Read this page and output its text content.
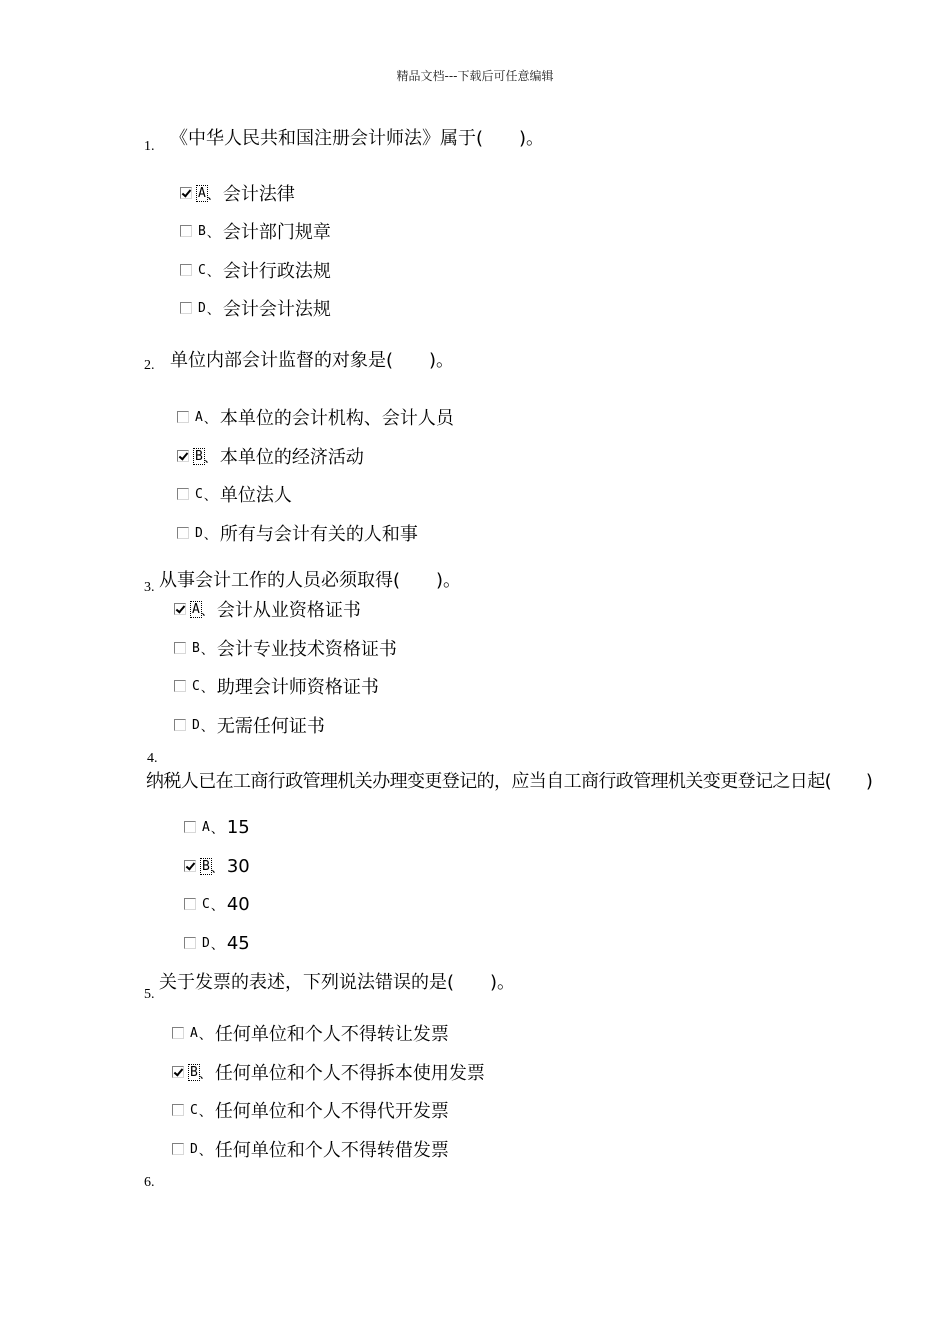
精品文档---下载后可任意编辑
1. 《中华人民共和国注册会计师法》属于(　　)。
A 、 会计法律
B 、 会计部门规章
C 、 会计行政法规
D 、 会计会计法规
2. 单位内部会计监督的对象是(　　)。
A 、 本单位的会计机构、会计人员
B 、 本单位的经济活动
C 、 单位法人
D 、 所有与会计有关的人和事
3. 从事会计工作的人员必须取得(　　)。
A 、 会计从业资格证书
B 、 会计专业技术资格证书
C 、 助理会计师资格证书
D 、 无需任何证书
4.
纳税人已在工商行政管理机关办理变更登记的，应当自工商行政管理机关变更登记之日起(　　)
A 、 15
B 、 30
C 、 40
D 、 45
5.
关于发票的表述，下列说法错误的是(　　)。
A 、 任何单位和个人不得转让发票
B 、 任何单位和个人不得拆本使用发票
C 、 任何单位和个人不得代开发票
D 、 任何单位和个人不得转借发票
6.
